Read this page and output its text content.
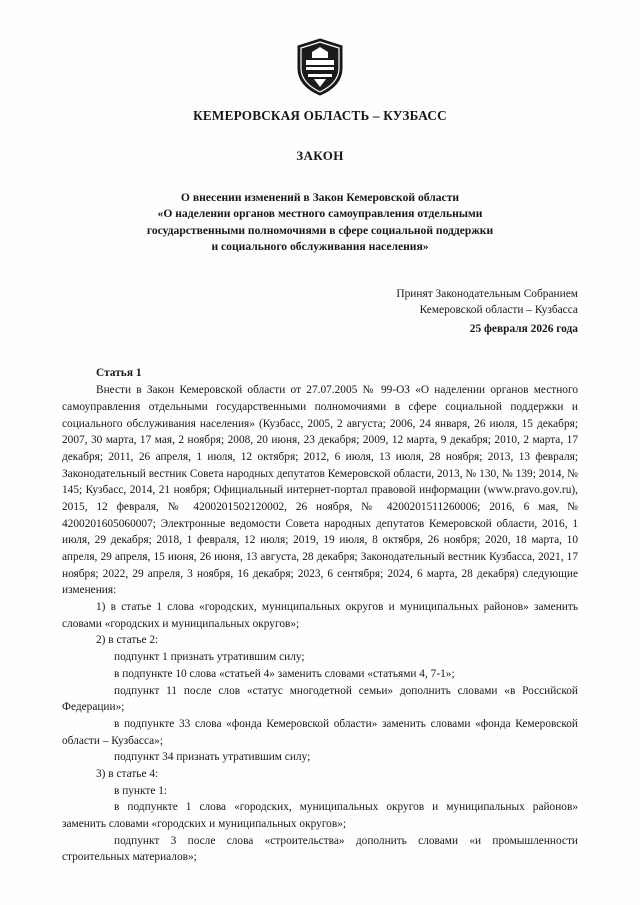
КЕМЕРОВСКАЯ ОБЛАСТЬ – КУЗБАСС
ЗАКОН
О внесении изменений в Закон Кемеровской области
«О наделении органов местного самоуправления отдельными
государственными полномочиями в сфере социальной поддержки
и социального обслуживания населения»
Принят Законодательным Собранием
Кемеровской области – Кузбасса
25 февраля 2026 года
Статья 1

Внести в Закон Кемеровской области от 27.07.2005 № 99-ОЗ «О наделении органов местного самоуправления отдельными государственными полномочиями в сфере социальной поддержки и социального обслуживания населения» (Кузбасс, 2005, 2 августа; 2006, 24 января, 26 июля, 15 декабря; 2007, 30 марта, 17 мая, 2 ноября; 2008, 20 июня, 23 декабря; 2009, 12 марта, 9 декабря; 2010, 2 марта, 17 декабря; 2011, 26 апреля, 1 июля, 12 октября; 2012, 6 июля, 13 июля, 28 ноября; 2013, 13 февраля; Законодательный вестник Совета народных депутатов Кемеровской области, 2013, № 130, № 139; 2014, № 145; Кузбасс, 2014, 21 ноября; Официальный интернет-портал правовой информации (www.pravo.gov.ru), 2015, 12 февраля, № 4200201502120002, 26 ноября, № 4200201511260006; 2016, 6 мая, № 4200201605060007; Электронные ведомости Совета народных депутатов Кемеровской области, 2016, 1 июля, 29 декабря; 2018, 1 февраля, 12 июля; 2019, 19 июля, 8 октября, 26 ноября; 2020, 18 марта, 10 апреля, 29 апреля, 15 июня, 26 июня, 13 августа, 28 декабря; Законодательный вестник Кузбасса, 2021, 17 ноября; 2022, 29 апреля, 3 ноября, 16 декабря; 2023, 6 сентября; 2024, 6 марта, 28 декабря) следующие изменения:

1) в статье 1 слова «городских, муниципальных округов и муниципальных районов» заменить словами «городских и муниципальных округов»;

2) в статье 2:

подпункт 1 признать утратившим силу;

в подпункте 10 слова «статьей 4» заменить словами «статьями 4, 7-1»;

подпункт 11 после слов «статус многодетной семьи» дополнить словами «в Российской Федерации»;

в подпункте 33 слова «фонда Кемеровской области» заменить словами «фонда Кемеровской области – Кузбасса»;

подпункт 34 признать утратившим силу;

3) в статье 4:

в пункте 1:

в подпункте 1 слова «городских, муниципальных округов и муниципальных районов» заменить словами «городских и муниципальных округов»;

подпункт 3 после слова «строительства» дополнить словами «и промышленности строительных материалов»;
